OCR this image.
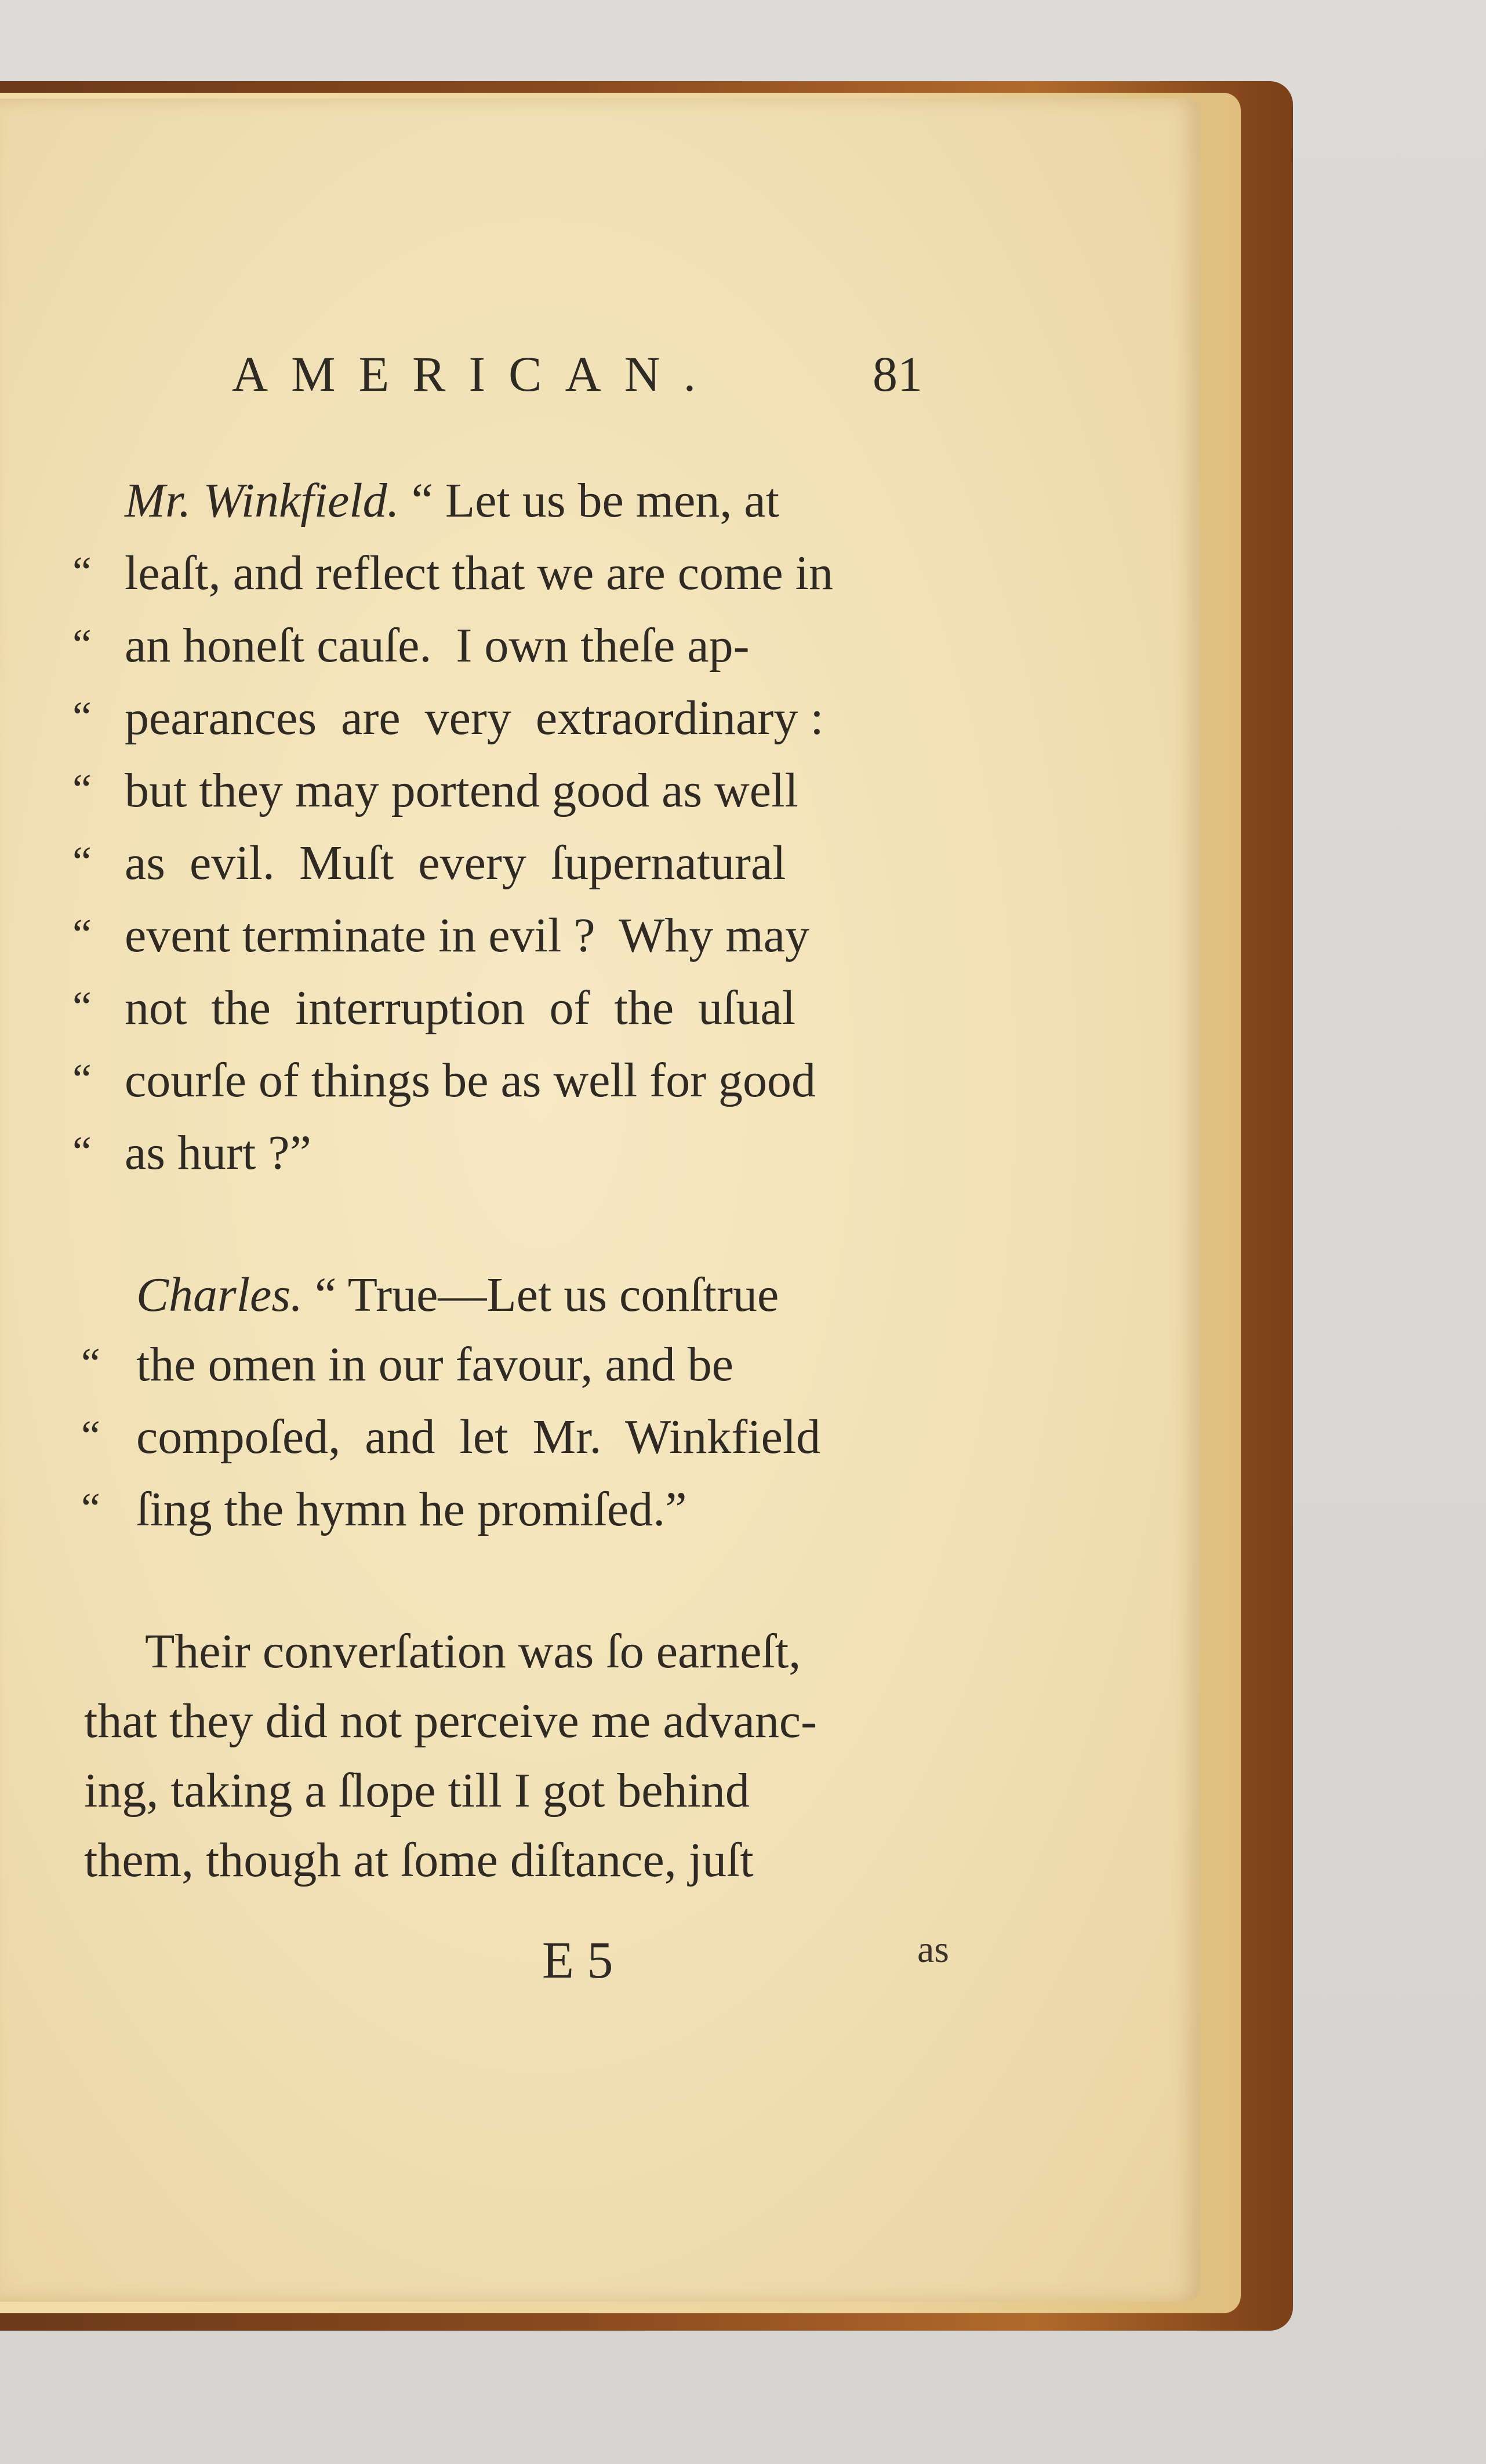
AMERICAN.	81
Mr. Winkfield. “ Let us be men, at
“ leaſt, and reflect that we are come in
“ an honeſt cauſe.  I own theſe ap-
“ pearances  are  very  extraordinary :
“ but they may portend good as well
“ as  evil.  Muſt  every  ſupernatural
“ event terminate in evil ?  Why may
“ not  the  interruption  of  the  uſual
“ courſe of things be as well for good
“ as hurt ?”
Charles. “ True—Let us conſtrue
“ the omen in our favour, and be
“ compoſed,  and  let  Mr.  Winkfield
“ ſing the hymn he promiſed.”
Their converſation was ſo earneſt,
that they did not perceive me advanc-
ing, taking a ſlope till I got behind
them, though at ſome diſtance, juſt
E 5	as
